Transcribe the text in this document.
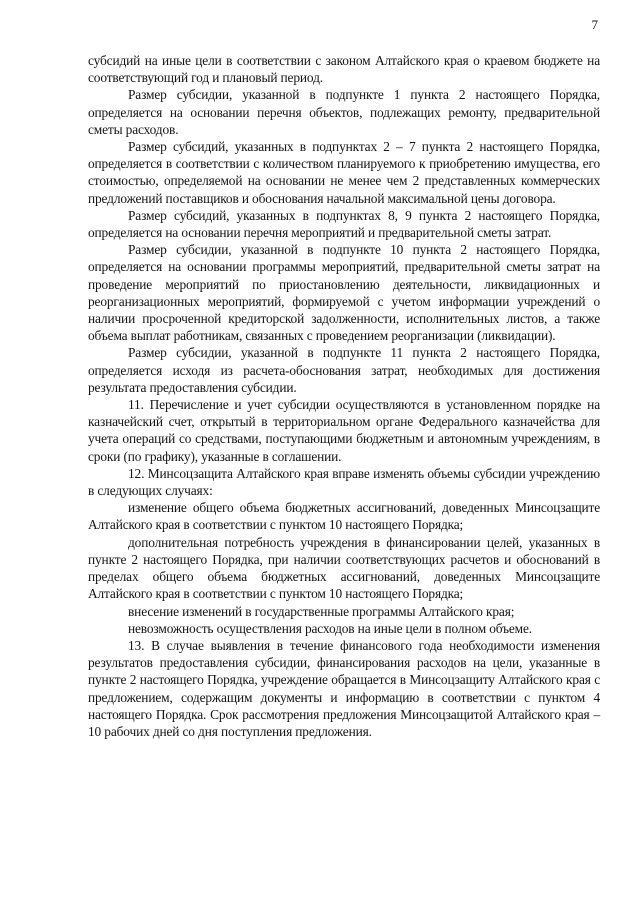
7

субсидий на иные цели в соответствии с законом Алтайского края о краевом бюджете на соответствующий год и плановый период.

Размер субсидии, указанной в подпункте 1 пункта 2 настоящего Порядка, определяется на основании перечня объектов, подлежащих ремонту, предварительной сметы расходов.

Размер субсидий, указанных в подпунктах 2 – 7 пункта 2 настоящего Порядка, определяется в соответствии с количеством планируемого к приобретению имущества, его стоимостью, определяемой на основании не менее чем 2 представленных коммерческих предложений поставщиков и обоснования начальной максимальной цены договора.

Размер субсидий, указанных в подпунктах 8, 9 пункта 2 настоящего Порядка, определяется на основании перечня мероприятий и предварительной сметы затрат.

Размер субсидии, указанной в подпункте 10 пункта 2 настоящего Порядка, определяется на основании программы мероприятий, предварительной сметы затрат на проведение мероприятий по приостановлению деятельности, ликвидационных и реорганизационных мероприятий, формируемой с учетом информации учреждений о наличии просроченной кредиторской задолженности, исполнительных листов, а также объема выплат работникам, связанных с проведением реорганизации (ликвидации).

Размер субсидии, указанной в подпункте 11 пункта 2 настоящего Порядка, определяется исходя из расчета-обоснования затрат, необходимых для достижения результата предоставления субсидии.

11. Перечисление и учет субсидии осуществляются в установленном порядке на казначейский счет, открытый в территориальном органе Федерального казначейства для учета операций со средствами, поступающими бюджетным и автономным учреждениям, в сроки (по графику), указанные в соглашении.

12. Минсоцзащита Алтайского края вправе изменять объемы субсидии учреждению в следующих случаях:

изменение общего объема бюджетных ассигнований, доведенных Минсоцзащите Алтайского края в соответствии с пунктом 10 настоящего Порядка;

дополнительная потребность учреждения в финансировании целей, указанных в пункте 2 настоящего Порядка, при наличии соответствующих расчетов и обоснований в пределах общего объема бюджетных ассигнований, доведенных Минсоцзащите Алтайского края в соответствии с пунктом 10 настоящего Порядка;

внесение изменений в государственные программы Алтайского края;

невозможность осуществления расходов на иные цели в полном объеме.

13. В случае выявления в течение финансового года необходимости изменения результатов предоставления субсидии, финансирования расходов на цели, указанные в пункте 2 настоящего Порядка, учреждение обращается в Минсоцзащиту Алтайского края с предложением, содержащим документы и информацию в соответствии с пунктом 4 настоящего Порядка. Срок рассмотрения предложения Минсоцзащитой Алтайского края – 10 рабочих дней со дня поступления предложения.
